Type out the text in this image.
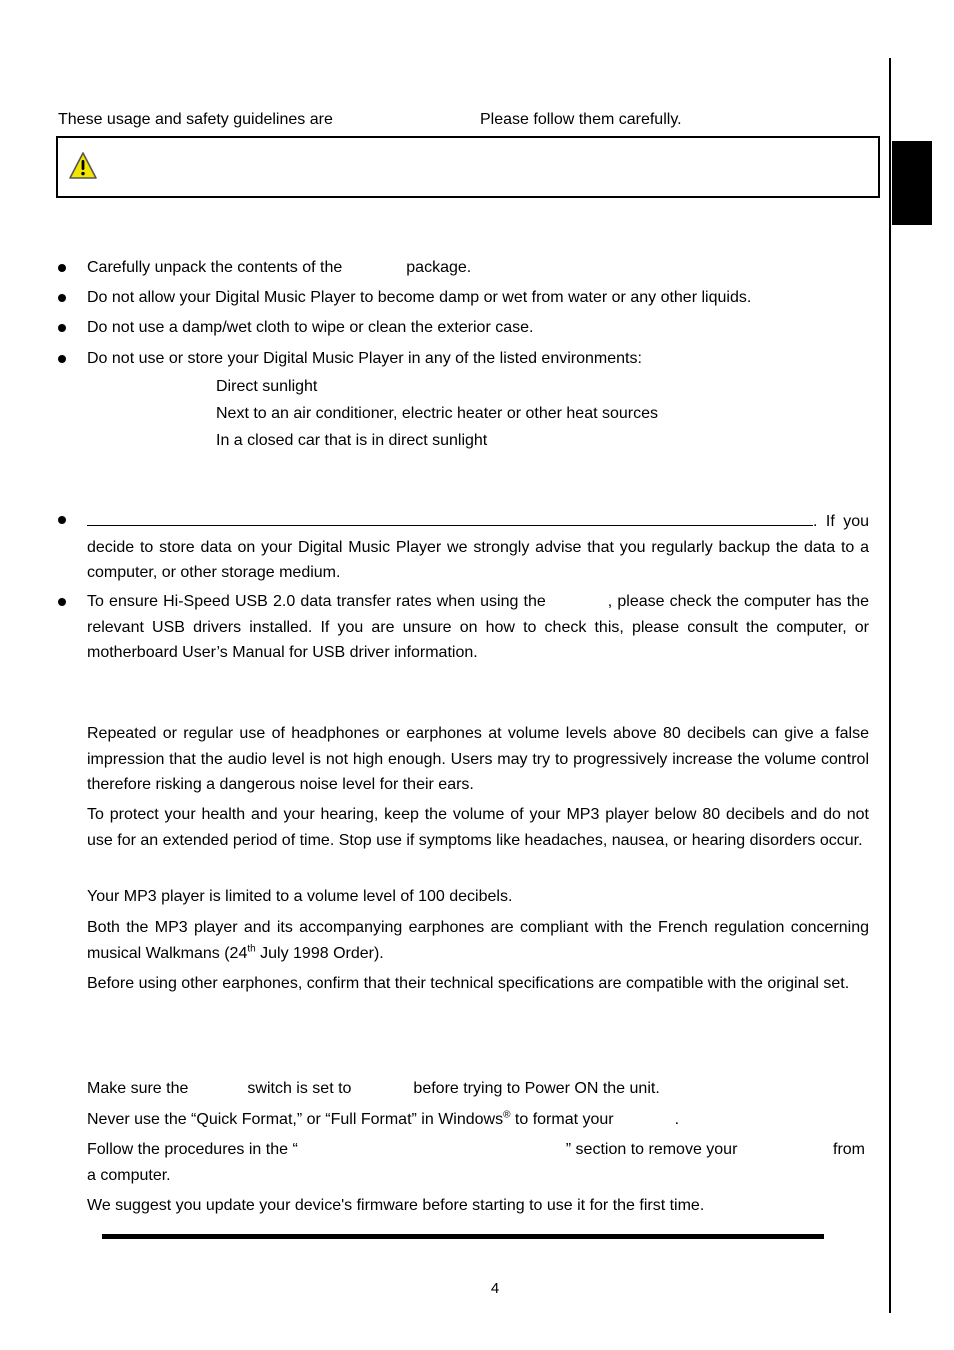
These usage and safety guidelines are	Please follow them carefully.
Carefully unpack the contents of the	package.
Do not allow your Digital Music Player to become damp or wet from water or any other liquids.
Do not use a damp/wet cloth to wipe or clean the exterior case.
Do not use or store your Digital Music Player in any of the listed environments:
Direct sunlight
Next to an air conditioner, electric heater or other heat sources
In a closed car that is in direct sunlight
. If you decide to store data on your Digital Music Player we strongly advise that you regularly backup the data to a computer, or other storage medium.
To ensure Hi-Speed USB 2.0 data transfer rates when using the	, please check the computer has the relevant USB drivers installed. If you are unsure on how to check this, please consult the computer, or motherboard User’s Manual for USB driver information.
Repeated or regular use of headphones or earphones at volume levels above 80 decibels can give a false impression that the audio level is not high enough. Users may try to progressively increase the volume control therefore risking a dangerous noise level for their ears.
To protect your health and your hearing, keep the volume of your MP3 player below 80 decibels and do not use for an extended period of time. Stop use if symptoms like headaches, nausea, or hearing disorders occur.
Your MP3 player is limited to a volume level of 100 decibels.
Both the MP3 player and its accompanying earphones are compliant with the French regulation concerning musical Walkmans (24th July 1998 Order).
Before using other earphones, confirm that their technical specifications are compatible with the original set.
Make sure the	switch is set to	before trying to Power ON the unit.
Never use the “Quick Format,” or “Full Format” in Windows® to format your	.
Follow the procedures in the “	” section to remove your	from
a computer.
We suggest you update your device's firmware before starting to use it for the first time.
4
